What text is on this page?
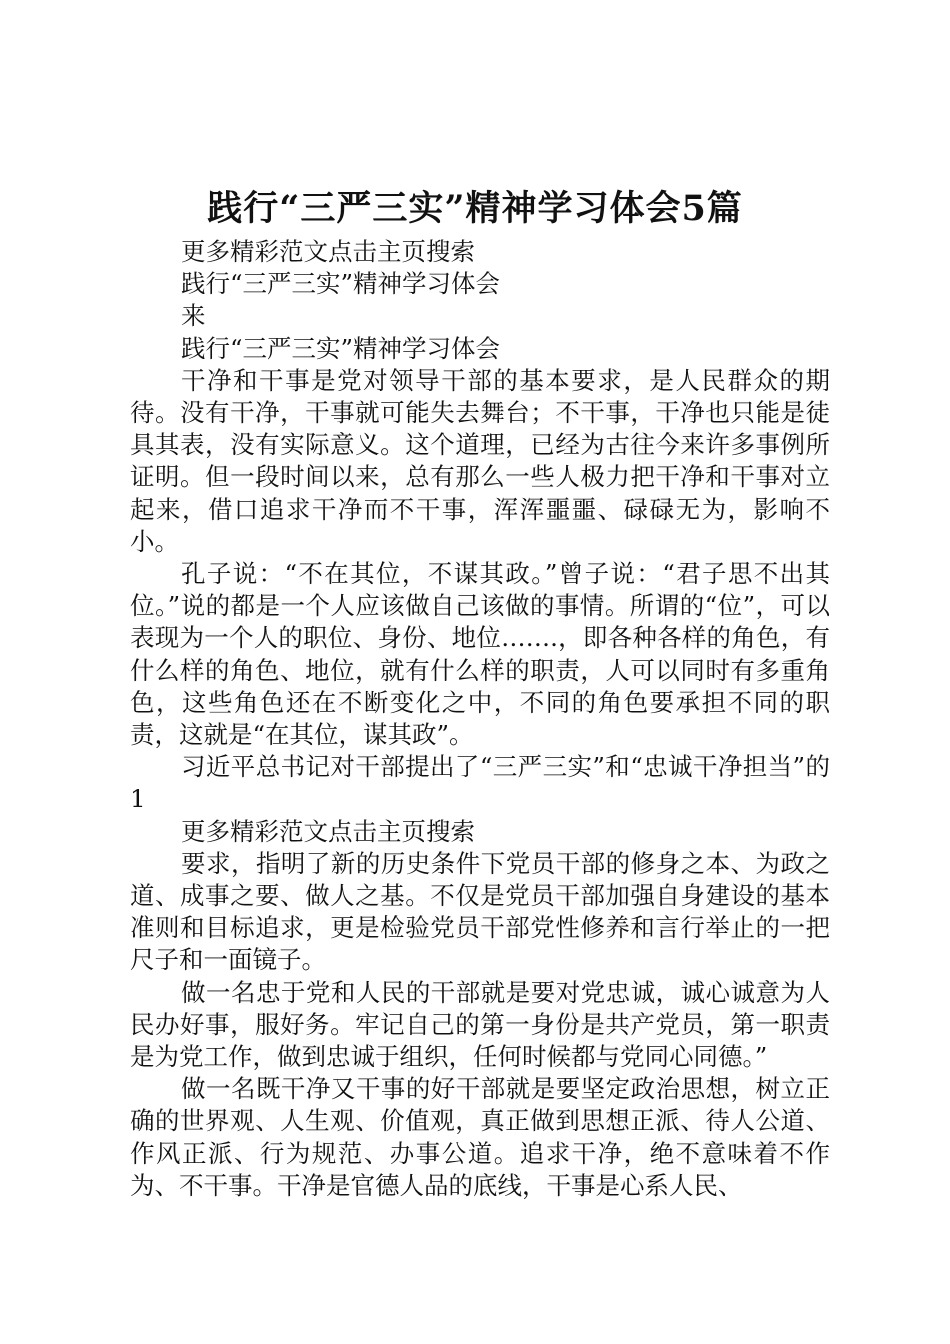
践行“三严三实”精神学习体会5篇

更多精彩范文点击主页搜索

践行“三严三实”精神学习体会

来

践行“三严三实”精神学习体会

干净和干事是党对领导干部的基本要求，是人民群众的期待。没有干净，干事就可能失去舞台；不干事，干净也只能是徒具其表，没有实际意义。这个道理，已经为古往今来许多事例所证明。但一段时间以来，总有那么一些人极力把干净和干事对立起来，借口追求干净而不干事，浑浑噩噩、碌碌无为，影响不小。

孔子说：“不在其位，不谋其政。”曾子说：“君子思不出其位。”说的都是一个人应该做自己该做的事情。所谓的“位”，可以表现为一个人的职位、身份、地位…….，即各种各样的角色，有什么样的角色、地位，就有什么样的职责，人可以同时有多重角色，这些角色还在不断变化之中，不同的角色要承担不同的职责，这就是“在其位，谋其政”。

习近平总书记对干部提出了“三严三实”和“忠诚干净担当”的1

更多精彩范文点击主页搜索

要求，指明了新的历史条件下党员干部的修身之本、为政之道、成事之要、做人之基。不仅是党员干部加强自身建设的基本准则和目标追求，更是检验党员干部党性修养和言行举止的一把尺子和一面镜子。

做一名忠于党和人民的干部就是要对党忠诚，诚心诚意为人民办好事，服好务。牢记自己的第一身份是共产党员，第一职责是为党工作，做到忠诚于组织，任何时候都与党同心同德。”

做一名既干净又干事的好干部就是要坚定政治思想，树立正确的世界观、人生观、价值观，真正做到思想正派、待人公道、作风正派、行为规范、办事公道。追求干净，绝不意味着不作为、不干事。干净是官德人品的底线，干事是心系人民、
